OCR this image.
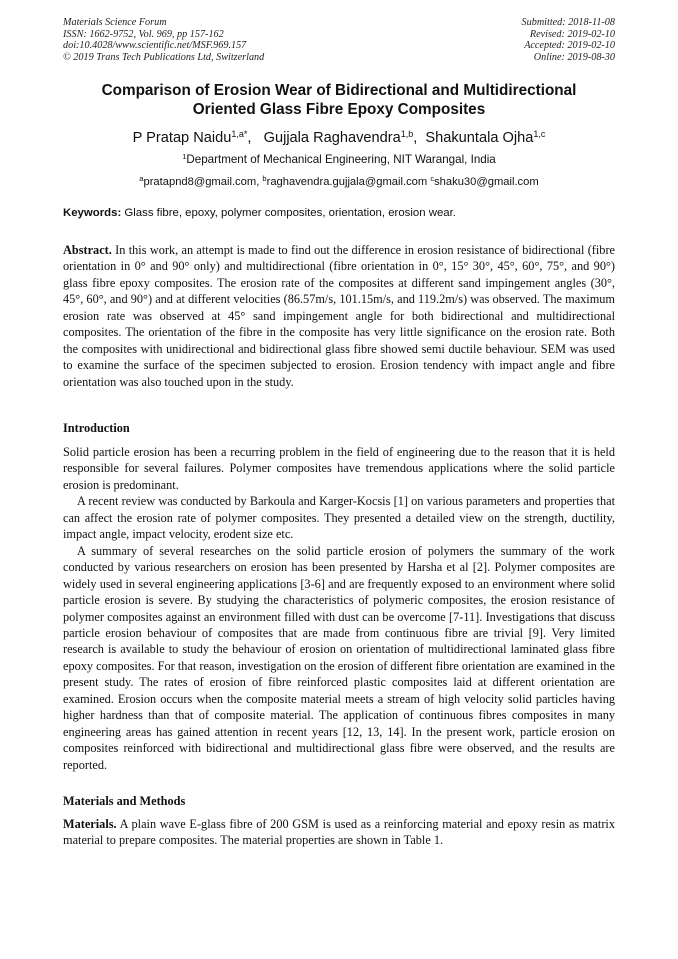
Materials Science Forum
ISSN: 1662-9752, Vol. 969, pp 157-162
doi:10.4028/www.scientific.net/MSF.969.157
© 2019 Trans Tech Publications Ltd, Switzerland
Submitted: 2018-11-08
Revised: 2019-02-10
Accepted: 2019-02-10
Online: 2019-08-30
Comparison of Erosion Wear of Bidirectional and Multidirectional
Oriented Glass Fibre Epoxy Composites
P Pratap Naidu$^{1,a*}$,   Gujjala Raghavendra$^{1,b}$,  Shakuntala Ojha$^{1,c}$
$^1$Department of Mechanical Engineering, NIT Warangal, India
$^a$pratapnd8@gmail.com, $^b$raghavendra.gujjala@gmail.com $^c$shaku30@gmail.com
Keywords: Glass fibre, epoxy, polymer composites, orientation, erosion wear.
Abstract. In this work, an attempt is made to find out the difference in erosion resistance of bidirectional (fibre orientation in 0° and 90° only) and multidirectional (fibre orientation in 0°, 15° 30°, 45°, 60°, 75°, and 90°) glass fibre epoxy composites. The erosion rate of the composites at different sand impingement angles (30°, 45°, 60°, and 90°) and at different velocities (86.57m/s, 101.15m/s, and 119.2m/s) was observed. The maximum erosion rate was observed at 45° sand impingement angle for both bidirectional and multidirectional composites. The orientation of the fibre in the composite has very little significance on the erosion rate. Both the composites with unidirectional and bidirectional glass fibre showed semi ductile behaviour. SEM was used to examine the surface of the specimen subjected to erosion. Erosion tendency with impact angle and fibre orientation was also touched upon in the study.
Introduction

Solid particle erosion has been a recurring problem in the field of engineering due to the reason that it is held responsible for several failures. Polymer composites have tremendous applications where the solid particle erosion is predominant.

A recent review was conducted by Barkoula and Karger-Kocsis [1] on various parameters and properties that can affect the erosion rate of polymer composites. They presented a detailed view on the strength, ductility, impact angle, impact velocity, erodent size etc.

A summary of several researches on the solid particle erosion of polymers the summary of the work conducted by various researchers on erosion has been presented by Harsha et al [2]. Polymer composites are widely used in several engineering applications [3-6] and are frequently exposed to an environment where solid particle erosion is severe. By studying the characteristics of polymeric composites, the erosion resistance of polymer composites against an environment filled with dust can be overcome [7-11]. Investigations that discuss particle erosion behaviour of composites that are made from continuous fibre are trivial [9]. Very limited research is available to study the behaviour of erosion on orientation of multidirectional laminated glass fibre epoxy composites. For that reason, investigation on the erosion of different fibre orientation are examined in the present study. The rates of erosion of fibre reinforced plastic composites laid at different orientation are examined. Erosion occurs when the composite material meets a stream of high velocity solid particles having higher hardness than that of composite material. The application of continuous fibres composites in many engineering areas has gained attention in recent years [12, 13, 14]. In the present work, particle erosion on composites reinforced with bidirectional and multidirectional glass fibre were observed, and the results are reported.

Materials and Methods
Materials. A plain wave E-glass fibre of 200 GSM is used as a reinforcing material and epoxy resin as matrix material to prepare composites. The material properties are shown in Table 1.
